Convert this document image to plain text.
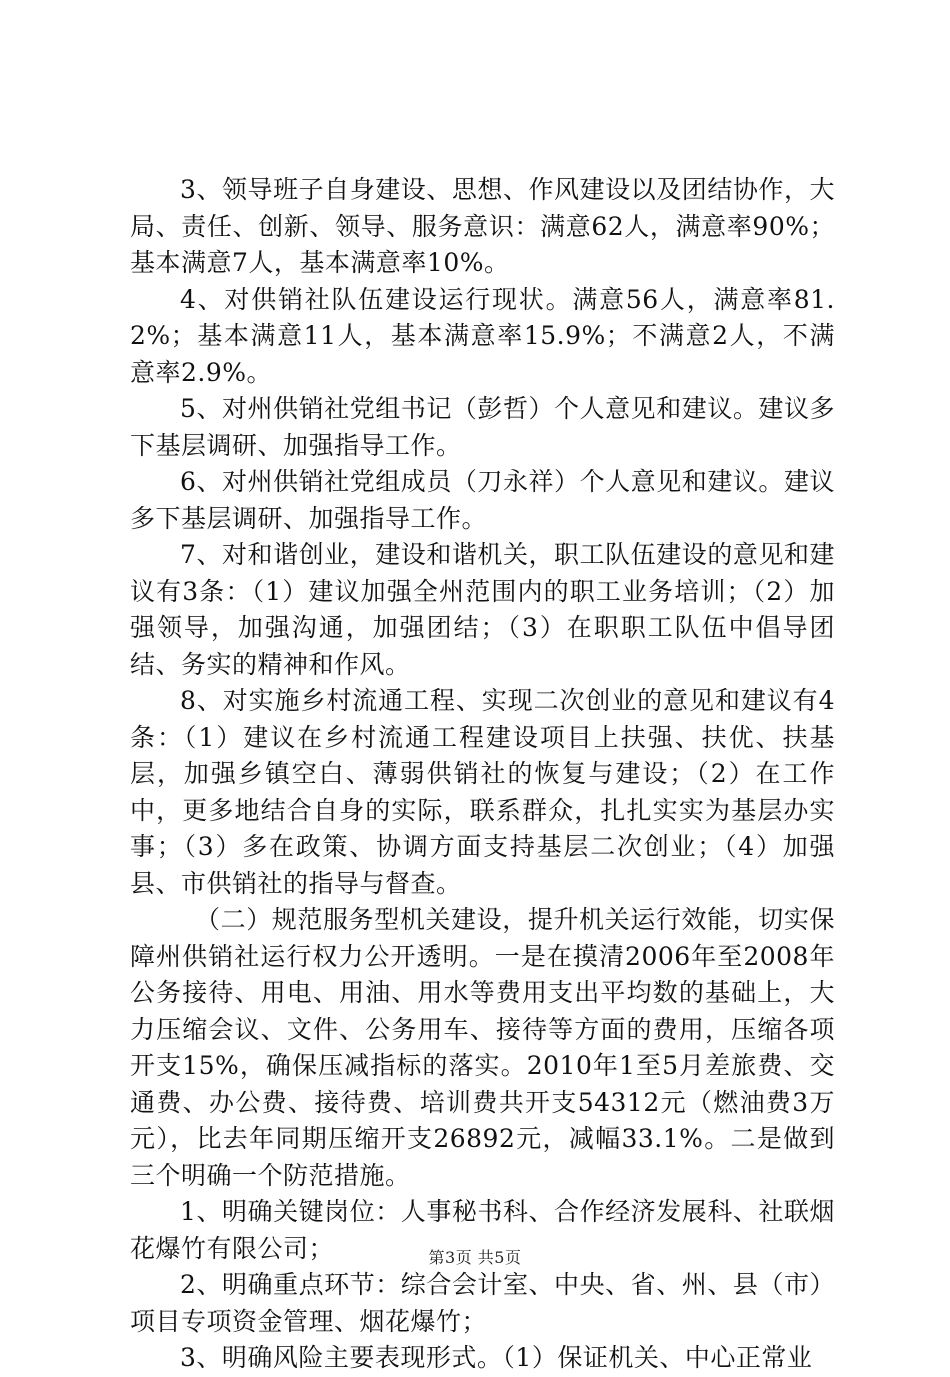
3、领导班子自身建设、思想、作风建设以及团结协作，大局、责任、创新、领导、服务意识：满意62人，满意率90%；基本满意7人，基本满意率10%。

4、对供销社队伍建设运行现状。满意56人，满意率81.2%；基本满意11人，基本满意率15.9%；不满意2人，不满意率2.9%。

5、对州供销社党组书记（彭哲）个人意见和建议。建议多下基层调研、加强指导工作。

6、对州供销社党组成员（刀永祥）个人意见和建议。建议多下基层调研、加强指导工作。

7、对和谐创业，建设和谐机关，职工队伍建设的意见和建议有3条：（1）建议加强全州范围内的职工业务培训；（2）加强领导，加强沟通，加强团结；（3）在职职工队伍中倡导团结、务实的精神和作风。

8、对实施乡村流通工程、实现二次创业的意见和建议有4条：（1）建议在乡村流通工程建设项目上扶强、扶优、扶基层，加强乡镇空白、薄弱供销社的恢复与建设；（2）在工作中，更多地结合自身的实际，联系群众，扎扎实实为基层办实事；（3）多在政策、协调方面支持基层二次创业；（4）加强县、市供销社的指导与督查。

（二）规范服务型机关建设，提升机关运行效能，切实保障州供销社运行权力公开透明。一是在摸清2006年至2008年公务接待、用电、用油、用水等费用支出平均数的基础上，大力压缩会议、文件、公务用车、接待等方面的费用，压缩各项开支15%，确保压减指标的落实。2010年1至5月差旅费、交通费、办公费、接待费、培训费共开支54312元（燃油费3万元），比去年同期压缩开支26892元，减幅33.1%。二是做到三个明确一个防范措施。

1、明确关键岗位：人事秘书科、合作经济发展科、社联烟花爆竹有限公司；

2、明确重点环节：综合会计室、中央、省、州、县（市）项目专项资金管理、烟花爆竹；

3、明确风险主要表现形式。（1）保证机关、中心正常业

第3页 共5页
